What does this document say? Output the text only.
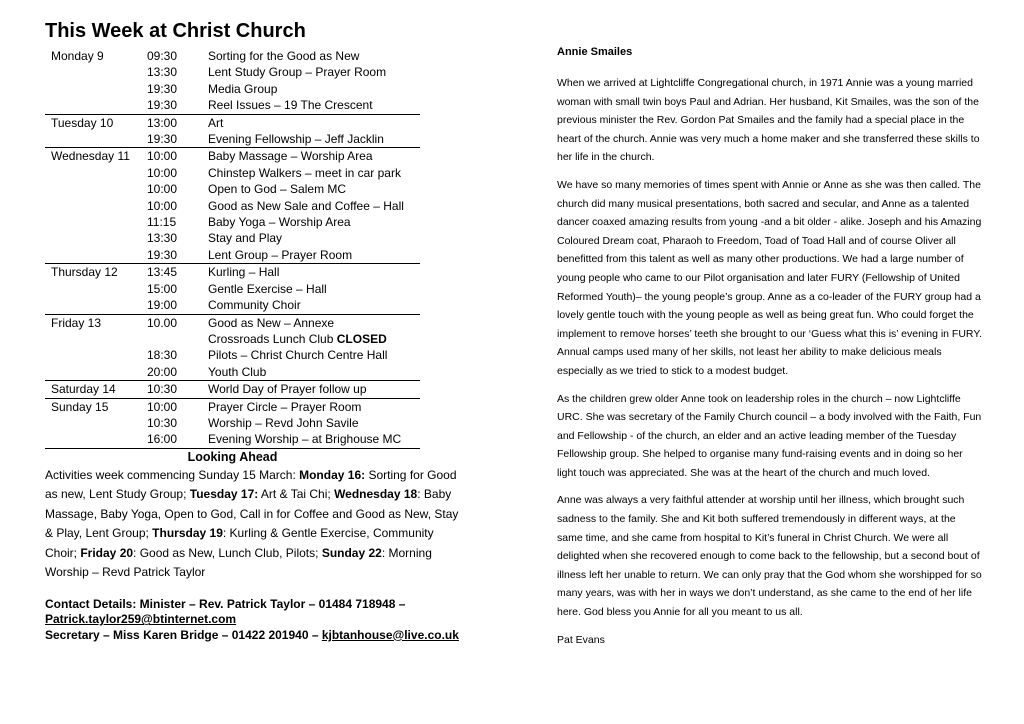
This Week at Christ Church
Monday 9	09:30	Sorting for the Good as New
	13:30	Lent Study Group – Prayer Room
	19:30	Media Group
	19:30	Reel Issues – 19 The Crescent
Tuesday 10	13:00	Art
	19:30	Evening Fellowship – Jeff Jacklin
Wednesday 11	10:00	Baby Massage – Worship Area
	10:00	Chinstep Walkers – meet in car park
	10:00	Open to God – Salem MC
	10:00	Good as New Sale and Coffee – Hall
	11:15	Baby Yoga – Worship Area
	13:30	Stay and Play
	19:30	Lent Group – Prayer Room
Thursday 12	13:45	Kurling – Hall
	15:00	Gentle Exercise – Hall
	19:00	Community Choir
Friday 13	10.00	Good as New – Annexe
		Crossroads Lunch Club CLOSED
	18:30	Pilots – Christ Church Centre Hall
	20:00	Youth Club
Saturday 14	10:30	World Day of Prayer follow up
Sunday 15	10:00	Prayer Circle – Prayer Room
	10:30	Worship – Revd John Savile
	16:00	Evening Worship – at Brighouse MC
Looking Ahead

Activities week commencing Sunday 15 March: Monday 16: Sorting for Good as new, Lent Study Group; Tuesday 17: Art & Tai Chi; Wednesday 18: Baby Massage, Baby Yoga, Open to God, Call in for Coffee and Good as New, Stay & Play, Lent Group; Thursday 19: Kurling & Gentle Exercise, Community Choir; Friday 20: Good as New, Lunch Club, Pilots; Sunday 22: Morning Worship – Revd Patrick Taylor

Contact Details: Minister – Rev. Patrick Taylor – 01484 718948 –
Patrick.taylor259@btinternet.com
Secretary – Miss Karen Bridge – 01422 201940 – kjbtanhouse@live.co.uk
Annie Smailes

When we arrived at Lightcliffe Congregational church, in 1971 Annie was a young married woman with small twin boys Paul and Adrian. Her husband, Kit Smailes, was the son of the previous minister the Rev. Gordon Pat Smailes and the family had a special place in the heart of the church. Annie was very much a home maker and she transferred these skills to her life in the church.

We have so many memories of times spent with Annie or Anne as she was then called. The church did many musical presentations, both sacred and secular, and Anne as a talented dancer coaxed amazing results from young -and a bit older - alike. Joseph and his Amazing Coloured Dream coat, Pharaoh to Freedom, Toad of Toad Hall and of course Oliver all benefitted from this talent as well as many other productions. We had a large number of young people who came to our Pilot organisation and later FURY (Fellowship of United Reformed Youth)– the young people’s group. Anne as a co-leader of the FURY group had a lovely gentle touch with the young people as well as being great fun. Who could forget the implement to remove horses’ teeth she brought to our ‘Guess what this is’ evening in FURY. Annual camps used many of her skills, not least her ability to make delicious meals especially as we tried to stick to a modest budget.

As the children grew older Anne took on leadership roles in the church – now Lightcliffe URC. She was secretary of the Family Church council – a body involved with the Faith, Fun and Fellowship - of the church, an elder and an active leading member of the Tuesday Fellowship group. She helped to organise many fund-raising events and in doing so her light touch was appreciated. She was at the heart of the church and much loved.

Anne was always a very faithful attender at worship until her illness, which brought such sadness to the family. She and Kit both suffered tremendously in different ways, at the same time, and she came from hospital to Kit’s funeral in Christ Church. We were all delighted when she recovered enough to come back to the fellowship, but a second bout of illness left her unable to return. We can only pray that the God whom she worshipped for so many years, was with her in ways we don’t understand, as she came to the end of her life here. God bless you Annie for all you meant to us all.

Pat Evans
